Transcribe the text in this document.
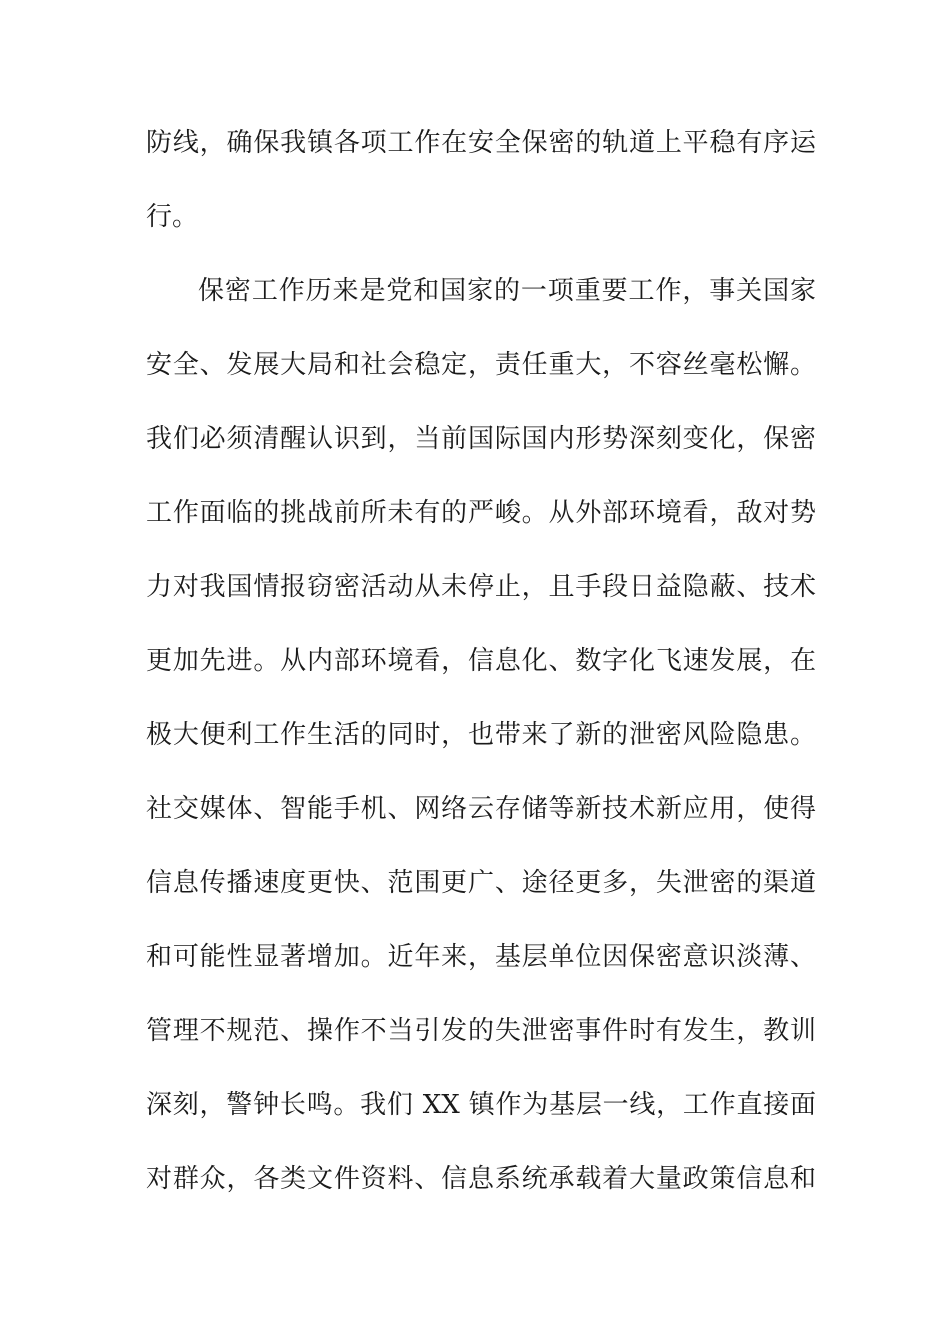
防线，确保我镇各项工作在安全保密的轨道上平稳有序运
行。
保密工作历来是党和国家的一项重要工作，事关国家
安全、发展大局和社会稳定，责任重大，不容丝毫松懈。
我们必须清醒认识到，当前国际国内形势深刻变化，保密
工作面临的挑战前所未有的严峻。从外部环境看，敌对势
力对我国情报窃密活动从未停止，且手段日益隐蔽、技术
更加先进。从内部环境看，信息化、数字化飞速发展，在
极大便利工作生活的同时，也带来了新的泄密风险隐患。
社交媒体、智能手机、网络云存储等新技术新应用，使得
信息传播速度更快、范围更广、途径更多，失泄密的渠道
和可能性显著增加。近年来，基层单位因保密意识淡薄、
管理不规范、操作不当引发的失泄密事件时有发生，教训
深刻，警钟长鸣。我们 XX 镇作为基层一线，工作直接面
对群众，各类文件资料、信息系统承载着大量政策信息和
